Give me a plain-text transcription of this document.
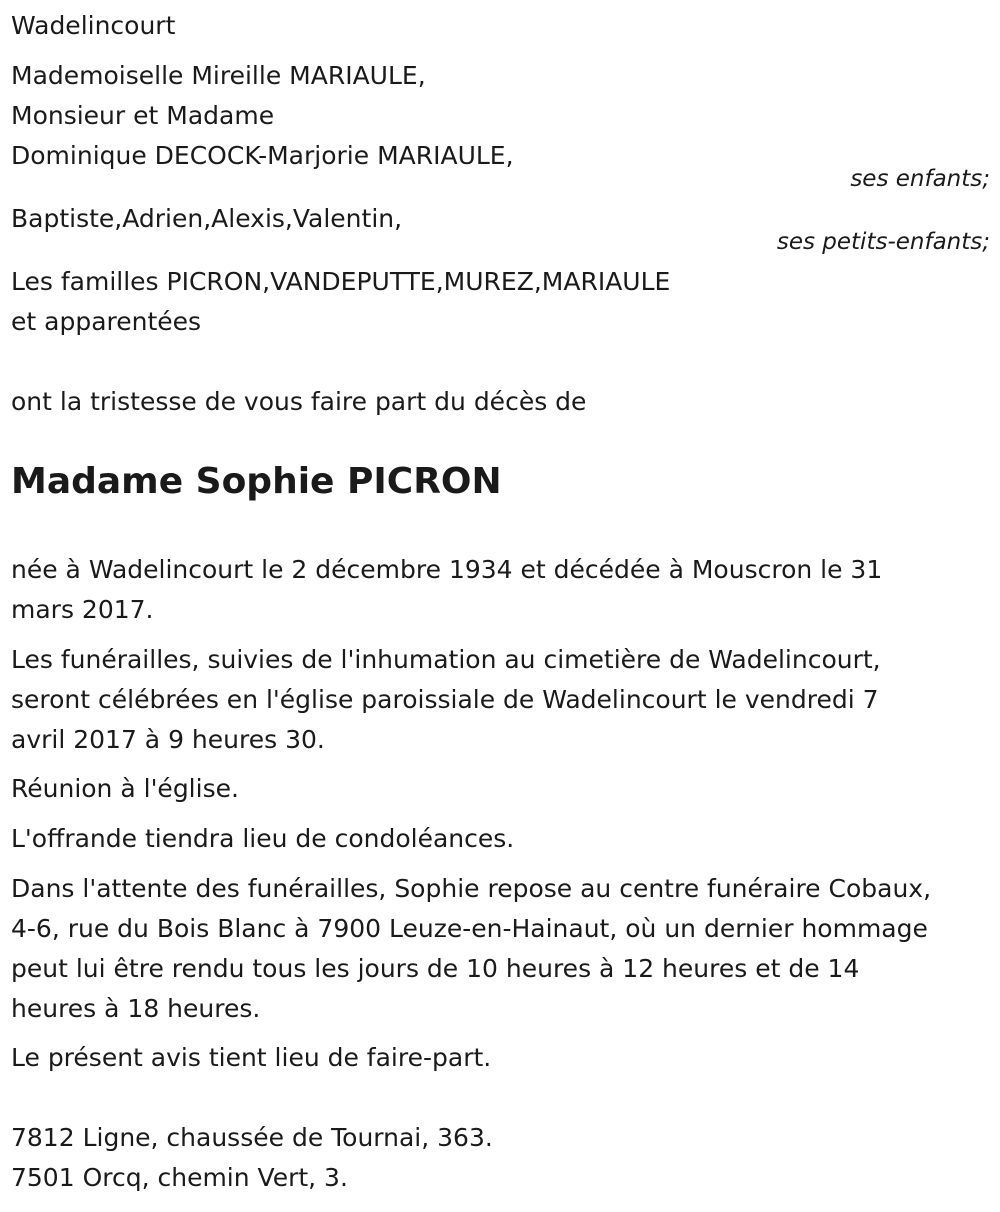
Wadelincourt
Mademoiselle Mireille MARIAULE,
Monsieur et Madame
Dominique DECOCK-Marjorie MARIAULE,
ses enfants;
Baptiste,Adrien,Alexis,Valentin,
ses petits-enfants;
Les familles PICRON,VANDEPUTTE,MUREZ,MARIAULE
et apparentées
ont la tristesse de vous faire part du décès de
Madame Sophie PICRON
née à Wadelincourt le 2 décembre 1934 et décédée à Mouscron le 31
mars 2017.
Les funérailles, suivies de l'inhumation au cimetière de Wadelincourt,
seront célébrées en l'église paroissiale de Wadelincourt le vendredi 7
avril 2017 à 9 heures 30.
Réunion à l'église.
L'offrande tiendra lieu de condoléances.
Dans l'attente des funérailles, Sophie repose au centre funéraire Cobaux,
4-6, rue du Bois Blanc à 7900 Leuze-en-Hainaut, où un dernier hommage
peut lui être rendu tous les jours de 10 heures à 12 heures et de 14
heures à 18 heures.
Le présent avis tient lieu de faire-part.
7812 Ligne, chaussée de Tournai, 363.
7501 Orcq, chemin Vert, 3.
